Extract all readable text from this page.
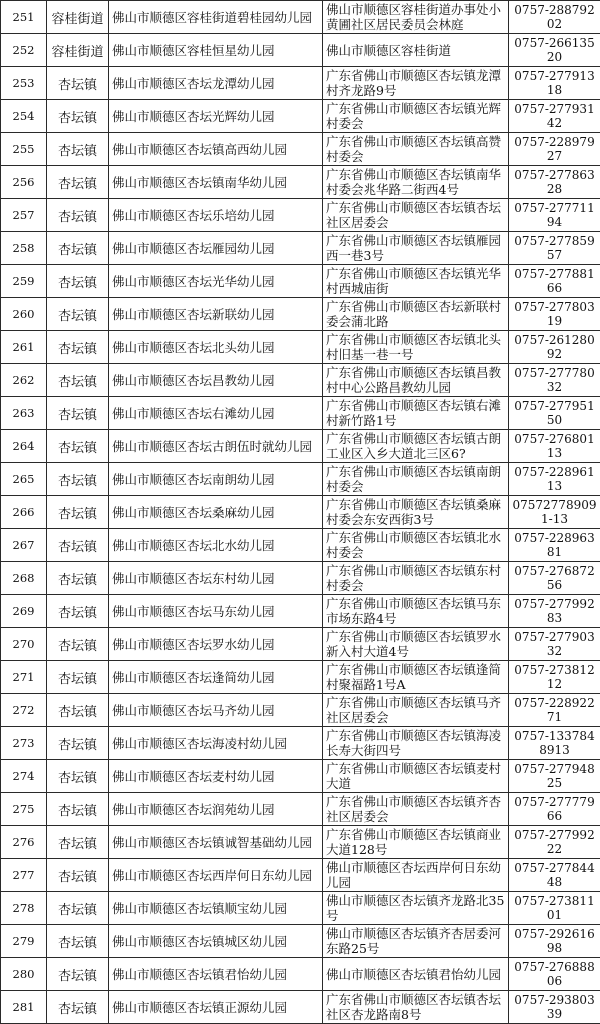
251	容桂街道	佛山市顺德区容桂街道碧桂园幼儿园	佛山市顺德区容桂街道办事处小黄圃社区居民委员会林庭	0757-28879202
252	容桂街道	佛山市顺德区容桂恒星幼儿园	佛山市顺德区容桂街道	0757-26613520
253	杏坛镇	佛山市顺德区杏坛龙潭幼儿园	广东省佛山市顺德区杏坛镇龙潭村齐龙路9号	0757-27791318
254	杏坛镇	佛山市顺德区杏坛光辉幼儿园	广东省佛山市顺德区杏坛镇光辉村委会	0757-27793142
255	杏坛镇	佛山市顺德区杏坛镇高西幼儿园	广东省佛山市顺德区杏坛镇高赞村委会	0757-22897927
256	杏坛镇	佛山市顺德区杏坛镇南华幼儿园	广东省佛山市顺德区杏坛镇南华村委会兆华路二街西4号	0757-27786328
257	杏坛镇	佛山市顺德区杏坛乐培幼儿园	广东省佛山市顺德区杏坛镇杏坛社区居委会	0757-27771194
258	杏坛镇	佛山市顺德区杏坛雁园幼儿园	广东省佛山市顺德区杏坛镇雁园西一巷3号	0757-27785957
259	杏坛镇	佛山市顺德区杏坛光华幼儿园	广东省佛山市顺德区杏坛镇光华村西城庙街	0757-27788166
260	杏坛镇	佛山市顺德区杏坛新联幼儿园	广东省佛山市顺德区杏坛新联村委会蒲北路	0757-27780319
261	杏坛镇	佛山市顺德区杏坛北头幼儿园	广东省佛山市顺德区杏坛镇北头村旧基一巷一号	0757-26128092
262	杏坛镇	佛山市顺德区杏坛昌教幼儿园	广东省佛山市顺德区杏坛镇昌教村中心公路昌教幼儿园	0757-27778032
263	杏坛镇	佛山市顺德区杏坛右滩幼儿园	广东省佛山市顺德区杏坛镇右滩村新竹路1号	0757-27795150
264	杏坛镇	佛山市顺德区杏坛古朗伍时就幼儿园	广东省佛山市顺德区杏坛镇古朗工业区入乡大道北三区6?	0757-27680113
265	杏坛镇	佛山市顺德区杏坛南朗幼儿园	广东省佛山市顺德区杏坛镇南朗村委会	0757-22896113
266	杏坛镇	佛山市顺德区杏坛桑麻幼儿园	广东省佛山市顺德区杏坛镇桑麻村委会东安西街3号	075727789091-13
267	杏坛镇	佛山市顺德区杏坛北水幼儿园	广东省佛山市顺德区杏坛镇北水村委会	0757-22896381
268	杏坛镇	佛山市顺德区杏坛东村幼儿园	广东省佛山市顺德区杏坛镇东村村委会	0757-27687256
269	杏坛镇	佛山市顺德区杏坛马东幼儿园	广东省佛山市顺德区杏坛镇马东市场东路4号	0757-27799283
270	杏坛镇	佛山市顺德区杏坛罗水幼儿园	广东省佛山市顺德区杏坛镇罗水新入村大道4号	0757-27790332
271	杏坛镇	佛山市顺德区杏坛逢简幼儿园	广东省佛山市顺德区杏坛镇逢简村聚福路1号A	0757-27381212
272	杏坛镇	佛山市顺德区杏坛马齐幼儿园	广东省佛山市顺德区杏坛镇马齐社区居委会	0757-22892271
273	杏坛镇	佛山市顺德区杏坛海凌村幼儿园	广东省佛山市顺德区杏坛镇海凌长寿大街四号	0757-1337848913
274	杏坛镇	佛山市顺德区杏坛麦村幼儿园	广东省佛山市顺德区杏坛镇麦村大道	0757-27794825
275	杏坛镇	佛山市顺德区杏坛润苑幼儿园	广东省佛山市顺德区杏坛镇齐杏社区居委会	0757-27777966
276	杏坛镇	佛山市顺德区杏坛镇诚智基础幼儿园	广东省佛山市顺德区杏坛镇商业大道128号	0757-27799222
277	杏坛镇	佛山市顺德区杏坛西岸何日东幼儿园	佛山市顺德区杏坛西岸何日东幼儿园	0757-27784448
278	杏坛镇	佛山市顺德区杏坛镇顺宝幼儿园	佛山市顺德区杏坛镇齐龙路北35号	0757-27381101
279	杏坛镇	佛山市顺德区杏坛镇城区幼儿园	佛山市顺德区杏坛镇齐杏居委河东路25号	0757-29261698
280	杏坛镇	佛山市顺德区杏坛镇君怡幼儿园	佛山市顺德区杏坛镇君怡幼儿园	0757-27688806
281	杏坛镇	佛山市顺德区杏坛镇正源幼儿园	广东省佛山市顺德区杏坛镇杏坛社区杏龙路南8号	0757-29380339
